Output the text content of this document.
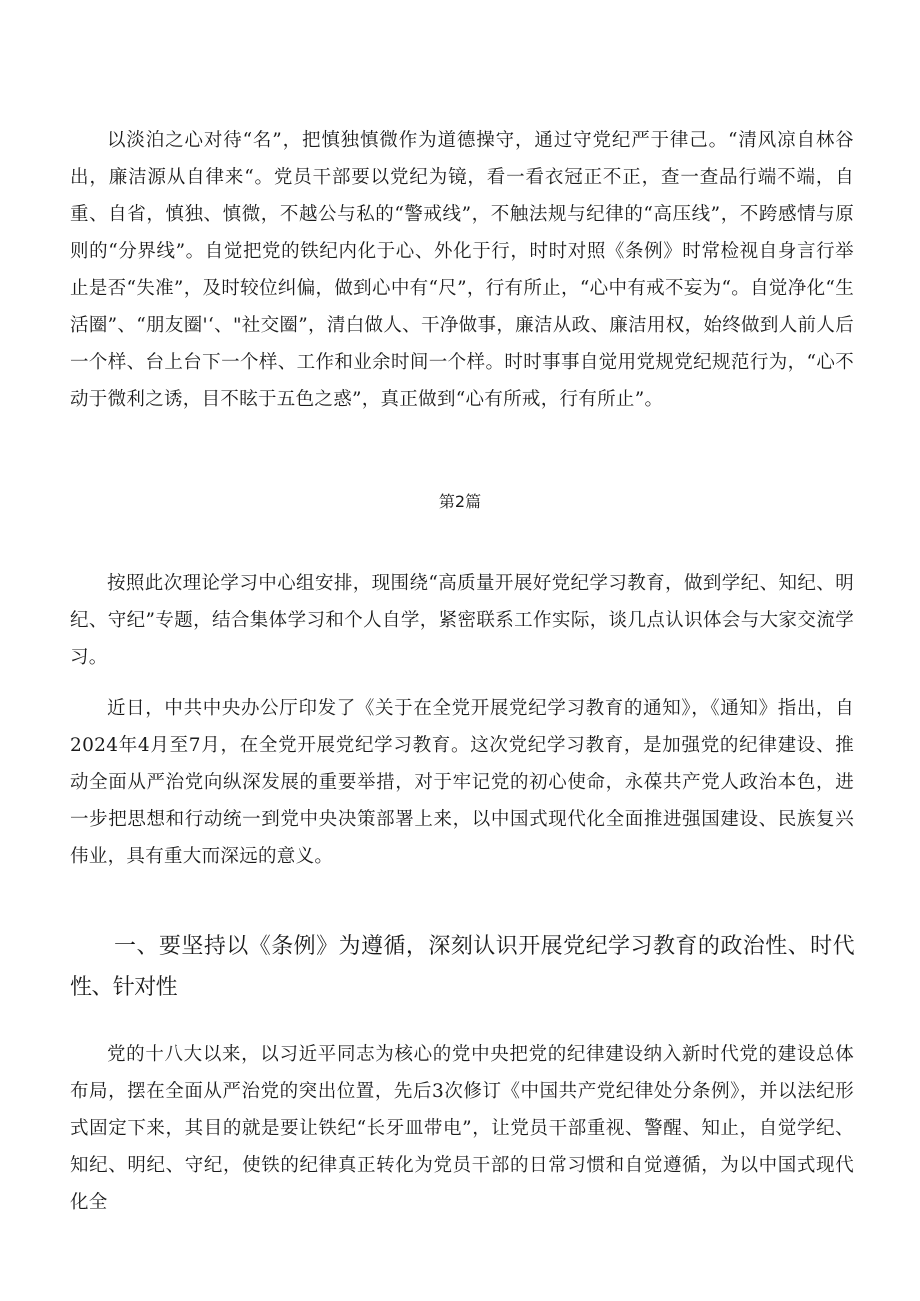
以淡泊之心对待“名”，把慎独慎微作为道德操守，通过守党纪严于律己。“清风凉自林谷出，廉洁源从自律来“。党员干部要以党纪为镜，看一看衣冠正不正，查一查品行端不端，自重、自省，慎独、慎微，不越公与私的“警戒线”，不触法规与纪律的“高压线”，不跨感情与原则的“分界线”。自觉把党的铁纪内化于心、外化于行，时时对照《条例》时常检视自身言行举止是否“失准”，及时较位纠偏，做到心中有“尺”，行有所止，“心中有戒不妄为“。自觉净化“生活圈”、“朋友圈'‘、"社交圈”，清白做人、干净做事，廉洁从政、廉洁用权，始终做到人前人后一个样、台上台下一个样、工作和业余时间一个样。时时事事自觉用党规党纪规范行为，“心不动于微利之诱，目不眩于五色之惑”，真正做到“心有所戒，行有所止”。

第2篇

按照此次理论学习中心组安排，现围绕“高质量开展好党纪学习教育，做到学纪、知纪、明纪、守纪”专题，结合集体学习和个人自学，紧密联系工作实际，谈几点认识体会与大家交流学习。

近日，中共中央办公厅印发了《关于在全党开展党纪学习教育的通知》，《通知》指出，自2024年4月至7月，在全党开展党纪学习教育。这次党纪学习教育，是加强党的纪律建设、推动全面从严治党向纵深发展的重要举措，对于牢记党的初心使命，永葆共产党人政治本色，进一步把思想和行动统一到党中央决策部署上来，以中国式现代化全面推进强国建设、民族复兴伟业，具有重大而深远的意义。

一、要坚持以《条例》为遵循，深刻认识开展党纪学习教育的政治性、时代性、针对性

党的十八大以来，以习近平同志为核心的党中央把党的纪律建设纳入新时代党的建设总体布局，摆在全面从严治党的突出位置，先后3次修订《中国共产党纪律处分条例》，并以法纪形式固定下来，其目的就是要让铁纪“长牙皿带电”，让党员干部重视、警醒、知止，自觉学纪、知纪、明纪、守纪，使铁的纪律真正转化为党员干部的日常习惯和自觉遵循，为以中国式现代化全
